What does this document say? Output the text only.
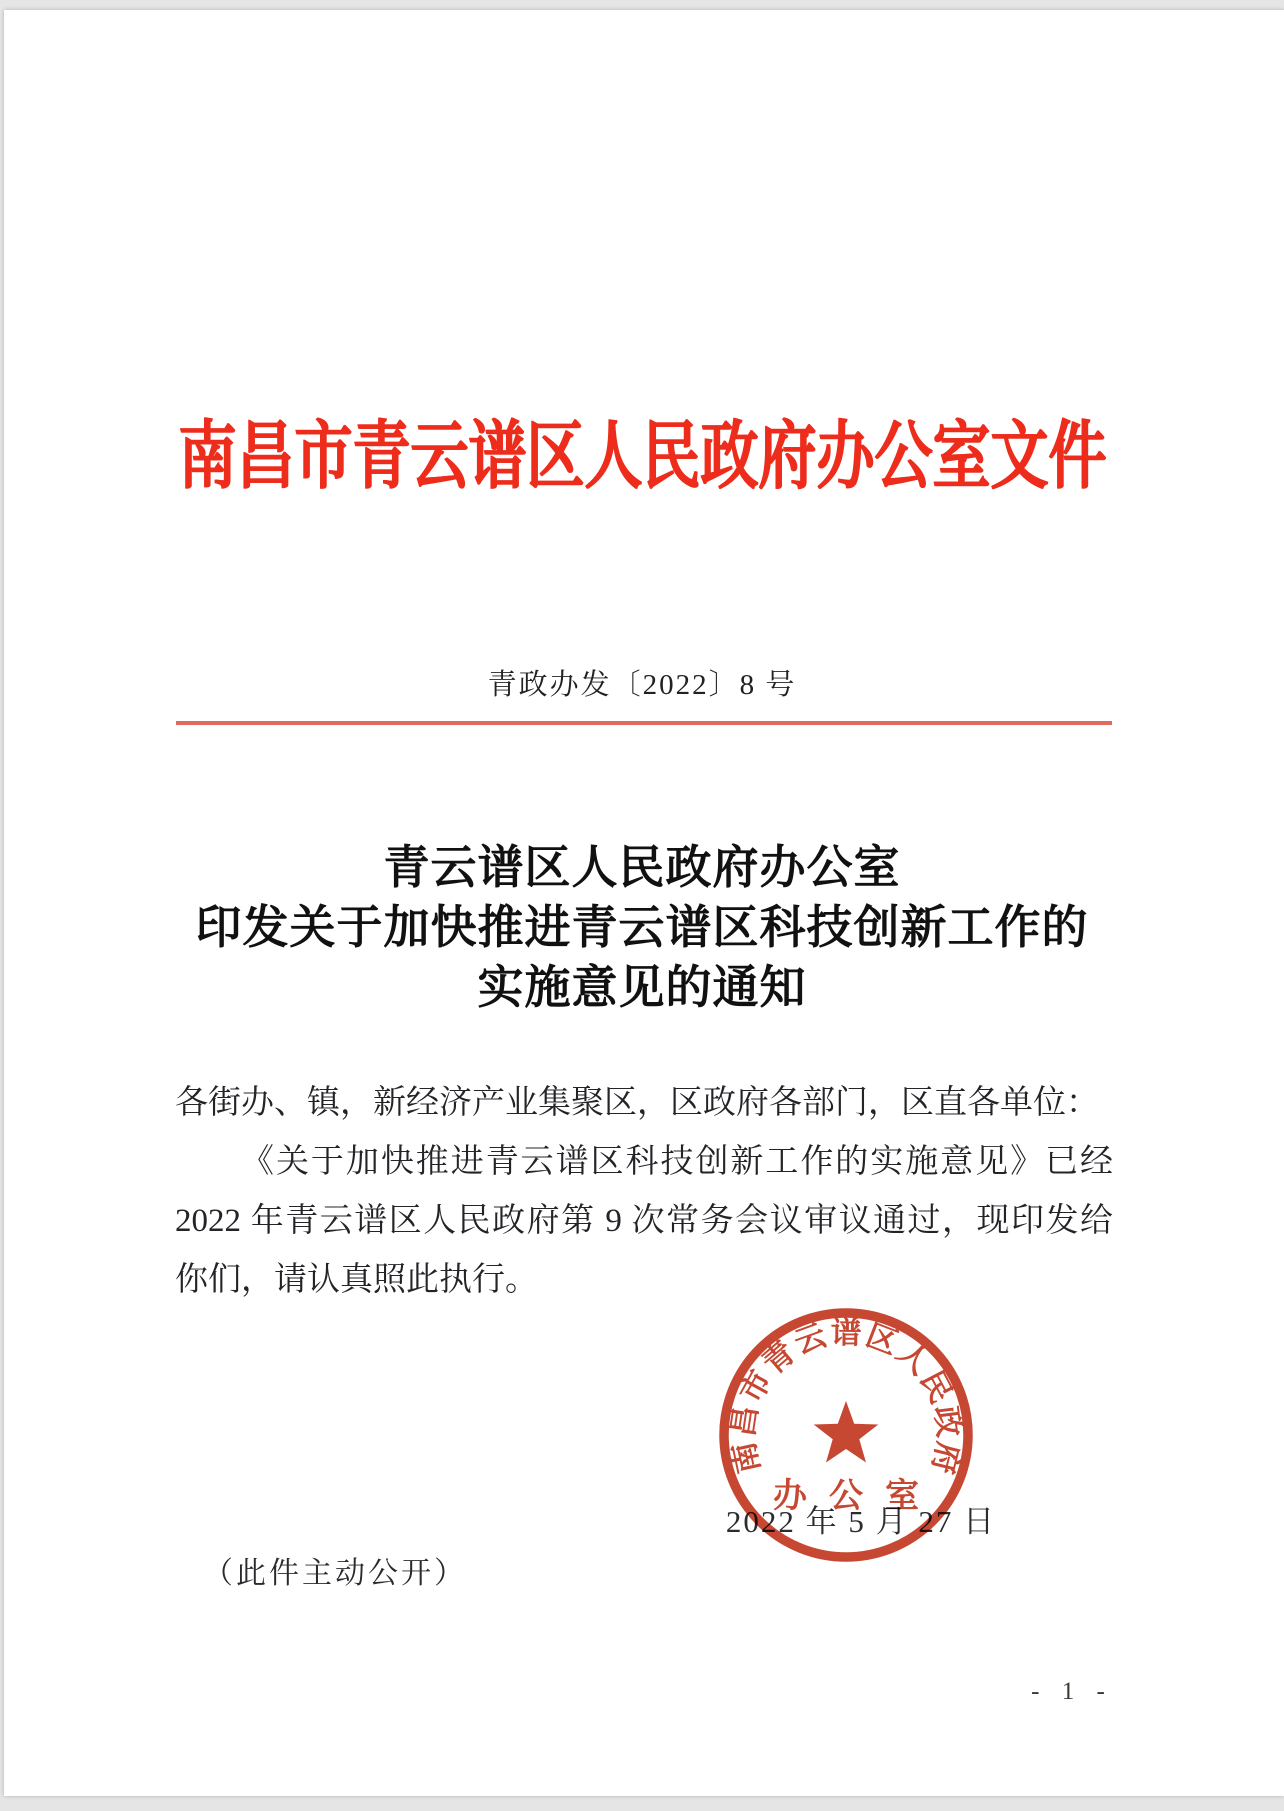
南昌市青云谱区人民政府办公室文件
青政办发〔2022〕8 号
青云谱区人民政府办公室
印发关于加快推进青云谱区科技创新工作的
实施意见的通知
各街办、镇，新经济产业集聚区，区政府各部门，区直各单位：
《关于加快推进青云谱区科技创新工作的实施意见》已经
2022 年青云谱区人民政府第 9 次常务会议审议通过，现印发给
你们，请认真照此执行。
2022 年 5 月 27 日
南昌市青云谱区人民政府
办公室
（此件主动公开）
- 1 -
